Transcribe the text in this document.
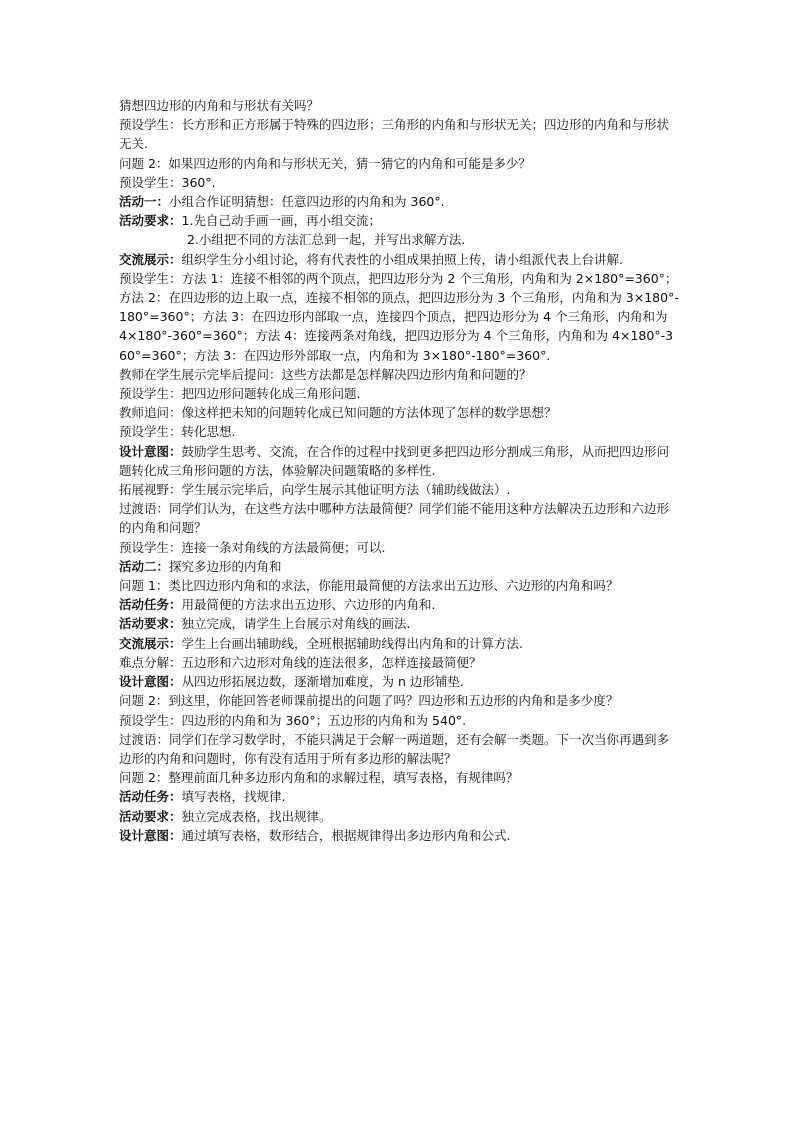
猜想四边形的内角和与形状有关吗？

预设学生：长方形和正方形属于特殊的四边形；三角形的内角和与形状无关；四边形的内角和与形状无关.

问题 2：如果四边形的内角和与形状无关，猜一猜它的内角和可能是多少？

预设学生：360°.

活动一：小组合作证明猜想：任意四边形的内角和为 360°.

活动要求：1.先自己动手画一画，再小组交流；

2.小组把不同的方法汇总到一起，并写出求解方法.

交流展示：组织学生分小组讨论，将有代表性的小组成果拍照上传，请小组派代表上台讲解.

预设学生：方法 1：连接不相邻的两个顶点，把四边形分为 2 个三角形，内角和为 2×180°=360°；方法 2：在四边形的边上取一点，连接不相邻的顶点，把四边形分为 3 个三角形，内角和为 3×180°-180°=360°；方法 3：在四边形内部取一点，连接四个顶点，把四边形分为 4 个三角形，内角和为 4×180°-360°=360°；方法 4：连接两条对角线，把四边形分为 4 个三角形，内角和为 4×180°-360°=360°；方法 3：在四边形外部取一点，内角和为 3×180°-180°=360°.

教师在学生展示完毕后提问：这些方法都是怎样解决四边形内角和问题的？

预设学生：把四边形问题转化成三角形问题.

教师追问：像这样把未知的问题转化成已知问题的方法体现了怎样的数学思想？

预设学生：转化思想.

设计意图：鼓励学生思考、交流，在合作的过程中找到更多把四边形分割成三角形，从而把四边形问题转化成三角形问题的方法，体验解决问题策略的多样性.

拓展视野：学生展示完毕后，向学生展示其他证明方法（辅助线做法）.

过渡语：同学们认为，在这些方法中哪种方法最简便？同学们能不能用这种方法解决五边形和六边形的内角和问题？

预设学生：连接一条对角线的方法最简便；可以.

活动二：探究多边形的内角和

问题 1：类比四边形内角和的求法，你能用最简便的方法求出五边形、六边形的内角和吗？

活动任务：用最简便的方法求出五边形、六边形的内角和.

活动要求：独立完成，请学生上台展示对角线的画法.

交流展示：学生上台画出辅助线，全班根据辅助线得出内角和的计算方法.

难点分解：五边形和六边形对角线的连法很多，怎样连接最简便？

设计意图：从四边形拓展边数，逐渐增加难度，为 n 边形铺垫.

问题 2：到这里，你能回答老师课前提出的问题了吗？四边形和五边形的内角和是多少度？

预设学生：四边形的内角和为 360°；五边形的内角和为 540°.

过渡语：同学们在学习数学时，不能只满足于会解一两道题，还有会解一类题。下一次当你再遇到多边形的内角和问题时，你有没有适用于所有多边形的解法呢？

问题 2：整理前面几种多边形内角和的求解过程，填写表格，有规律吗？

活动任务：填写表格，找规律.

活动要求：独立完成表格，找出规律。

设计意图：通过填写表格，数形结合，根据规律得出多边形内角和公式.
